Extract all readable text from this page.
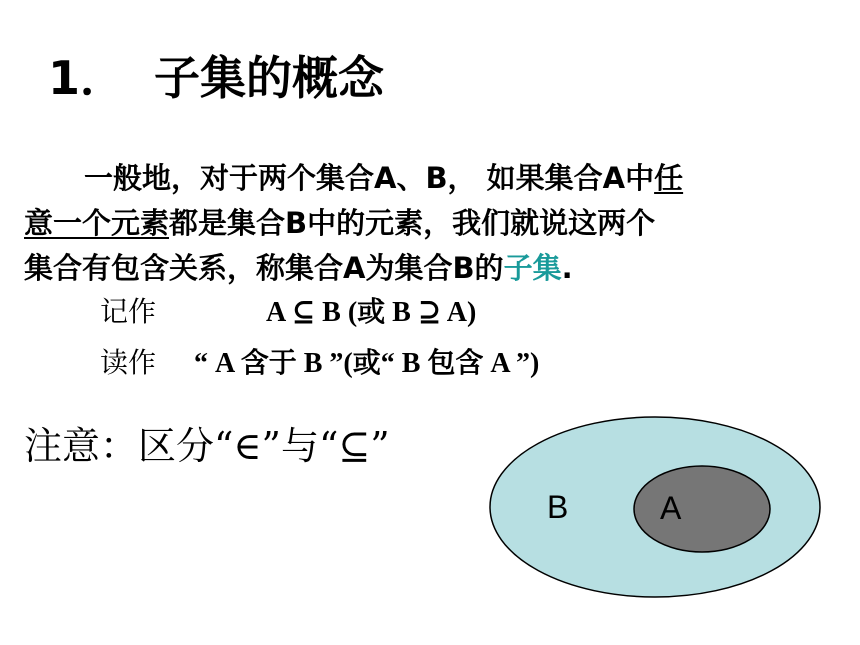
1． 子集的概念
一般地，对于两个集合A、B， 如果集合A中任
意一个元素都是集合B中的元素，我们就说这两个
集合有包含关系，称集合A为集合B的子集.
记作	A ⊆ B (或 B ⊇ A)
读作 “ A 含于 B ”(或“ B 包含 A ”)
注意：区分“∈”与“⊆”
B	A
